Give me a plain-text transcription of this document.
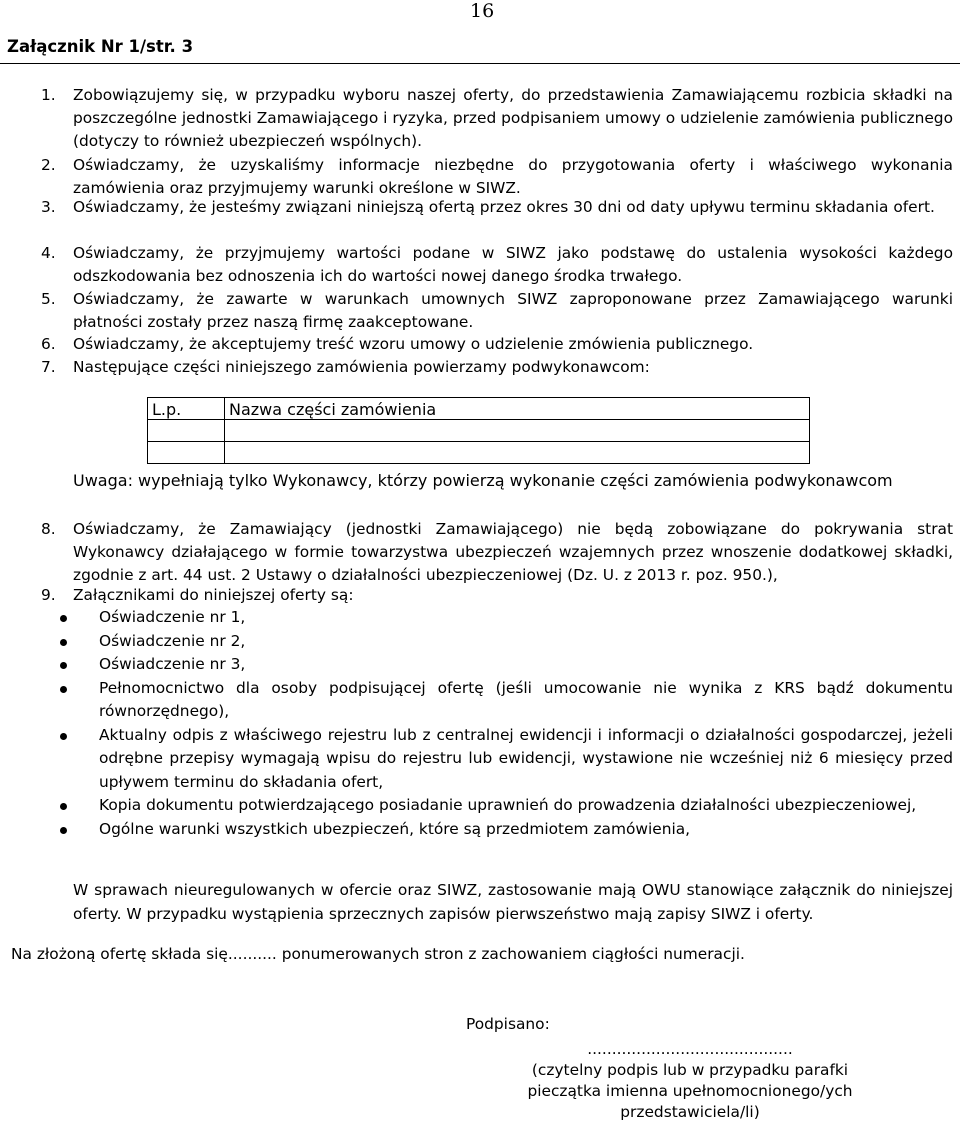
16
Załącznik Nr 1/str. 3
1. Zobowiązujemy się, w przypadku wyboru naszej oferty, do przedstawienia Zamawiającemu rozbicia składki na poszczególne jednostki Zamawiającego i ryzyka, przed podpisaniem umowy o udzielenie zamówienia publicznego (dotyczy to również ubezpieczeń wspólnych).
2. Oświadczamy, że uzyskaliśmy informacje niezbędne do przygotowania oferty i właściwego wykonania zamówienia oraz przyjmujemy warunki określone w SIWZ.
3. Oświadczamy, że jesteśmy związani niniejszą ofertą przez okres 30 dni od daty upływu terminu składania ofert.
4. Oświadczamy, że przyjmujemy wartości podane w SIWZ jako podstawę do ustalenia wysokości każdego odszkodowania bez odnoszenia ich do wartości nowej danego środka trwałego.
5. Oświadczamy, że zawarte w warunkach umownych SIWZ zaproponowane przez Zamawiającego warunki płatności zostały przez naszą firmę zaakceptowane.
6. Oświadczamy, że akceptujemy treść wzoru umowy o udzielenie zmówienia publicznego.
7. Następujące części niniejszego zamówienia powierzamy podwykonawcom:
L.p.	Nazwa części zamówienia

Uwaga: wypełniają tylko Wykonawcy, którzy powierzą wykonanie części zamówienia podwykonawcom
8. Oświadczamy, że Zamawiający (jednostki Zamawiającego) nie będą zobowiązane do pokrywania strat Wykonawcy działającego w formie towarzystwa ubezpieczeń wzajemnych przez wnoszenie dodatkowej składki, zgodnie z art. 44 ust. 2 Ustawy o działalności ubezpieczeniowej (Dz. U. z 2013 r. poz. 950.),
9. Załącznikami do niniejszej oferty są:
Oświadczenie nr 1,
Oświadczenie nr 2,
Oświadczenie nr 3,
Pełnomocnictwo dla osoby podpisującej ofertę (jeśli umocowanie nie wynika z KRS bądź dokumentu równorzędnego),
Aktualny odpis z właściwego rejestru lub z centralnej ewidencji i informacji o działalności gospodarczej, jeżeli odrębne przepisy wymagają wpisu do rejestru lub ewidencji, wystawione nie wcześniej niż 6 miesięcy przed upływem terminu do składania ofert,
Kopia dokumentu potwierdzającego posiadanie uprawnień do prowadzenia działalności ubezpieczeniowej,
Ogólne warunki wszystkich ubezpieczeń, które są przedmiotem zamówienia,
W sprawach nieuregulowanych w ofercie oraz SIWZ, zastosowanie mają OWU stanowiące załącznik do niniejszej oferty. W przypadku wystąpienia sprzecznych zapisów pierwszeństwo mają zapisy SIWZ i oferty.
Na złożoną ofertę składa się.......... ponumerowanych stron z zachowaniem ciągłości numeracji.
Podpisano:
..........................................
(czytelny podpis lub w przypadku parafki
pieczątka imienna upełnomocnionego/ych
przedstawiciela/li)
